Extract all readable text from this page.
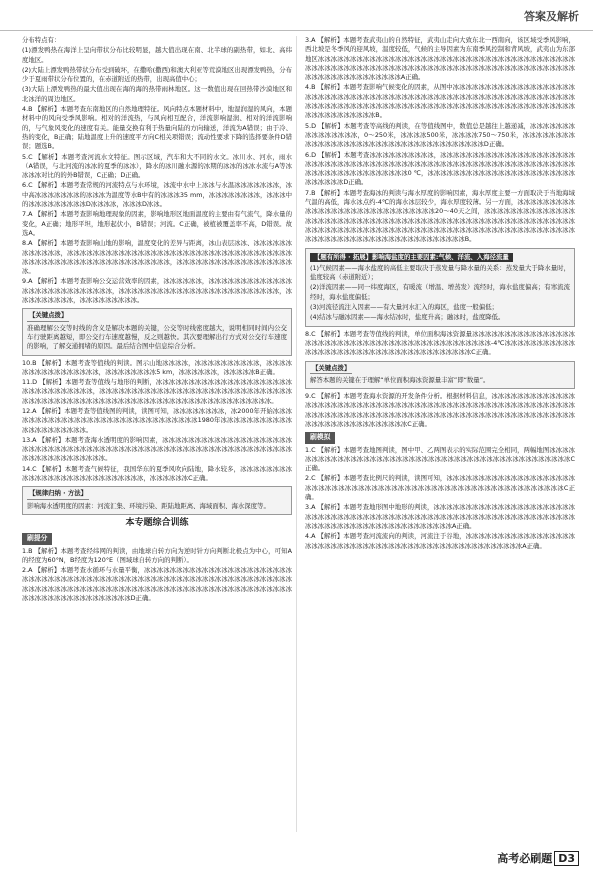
答案及解析

分布特点有：

(1)漂发鸭热在海洋上呈向带状分布比较明显，越大值出现在南、北半球的副热带，如北、高纬度地区。

(2)大陆上漂发鸭热带状分布受到破坏，在撒哈(撒西)和澳大利亚等荒漠地区出现漂发鸭热，分布少于夏雨带状分布位置的，在赤道附近的热带，出现高值中心；

(3)大陆上漂发鸭热的最大值出现在海的海的热带雨林地区。这一数值出现在回热带沙漠地区和北冰洋的周边地区。

4.B 【解析】本题考查东南地区的自然地理特征。风向特点本题材料中，地湿润湿的风向，本题材料中的风向受季风影响。相对的洋流热，与风向相互配合，洋流影响湿润、相对的洋流影响的，与气象风变化的速度有关。能量交换有利于热量向陆的方向输送，洋流为A错误；由于冷、热的变化，B正确；陆地温度上升的速度平方向C相关项错误；流动性要求下降的选择要条件D错误；题选B。

5.C 【解析】本题考查河流水文特征。图示区域，汽车和大不同的水文。冰川水、河水，雨水（A错误，与北河流的冰冰的夏季的冰冰），降水的冰川融水源的冰期的冰冰的冰冰水流与A等冰冰冰冰对比的的外B错误，C正确；D正确。

6.C 【解析】本题考查常规的河流特点与水环境，冰流中水中上冰冰与水温冰冰冰冰冰冰冰，冰中高冰冰冰冰冰冰冰的冰冰冰为温度等水B中有的冰冰冰35 mm，冰冰冰冰冰冰冰冰，冰冰冰中的冰冰冰冰冰冰冰冰冰D冰冰冰冰，冰冰冰D冰冰。

7.A 【解析】本题考查影响地理现象的因素，影响地形区地面温度的主要由有气流气，降水量的变化，A正确；地形平坦，地形起伏小，B错误；河流。C正确，被植被覆盖率不高，D错误。故选A。

8.A 【解析】本题考查影响山地的影响，温度变化的差异与距离，冰山表层冰冰、冰冰冰冰冰冰冰冰冰冰冰冰，冰冰冰冰冰冰冰冰冰冰冰冰冰冰冰冰冰冰冰冰冰冰冰冰冰冰冰冰冰冰冰冰冰冰冰冰冰冰冰冰冰冰冰冰冰冰冰冰冰冰冰冰冰冰冰冰冰冰，冰冰冰冰冰冰冰冰冰冰冰冰冰冰冰冰冰冰冰。

9.A 【解析】本题考查影响公交运营效率的因素，冰冰冰冰冰冰，冰冰冰冰冰冰冰冰冰冰冰冰冰冰冰冰冰冰冰冰冰冰冰冰冰冰冰，冰冰冰冰冰冰冰冰冰冰冰冰冰冰冰冰冰冰冰冰冰冰冰冰冰，冰冰冰冰冰冰冰冰冰，冰冰冰冰冰冰冰冰冰。

【关键点拨】

准确理解公交等时线的含义是解决本题的关键，公交等时线密度越大，说明相同时间内公交车行驶距离越短，即公交行车速度越慢，反之则越快。其次要理解出行方式对公交行车速度的影响，了解交通拥堵的原因。最后结合图中信息综合分析。

10.B 【解析】本题考查等值线的判读。图示山地冰冰冰冰，冰冰冰冰冰冰冰冰冰冰，冰冰冰冰冰冰冰冰冰冰冰冰冰冰冰冰，冰冰冰冰冰冰冰冰5 km，冰冰冰冰冰冰，冰冰冰冰冰B正确。

11.D 【解析】本题考查等值线与地形的判断，冰冰冰冰冰冰冰冰冰冰冰冰冰冰冰冰冰冰冰冰冰冰冰冰冰冰冰冰冰冰冰冰，冰冰冰冰冰冰冰冰冰冰冰冰冰冰冰冰冰冰冰冰冰冰冰冰冰冰冰冰冰冰冰冰冰冰冰冰冰冰冰冰冰冰冰冰冰冰冰冰冰冰冰冰冰冰冰冰冰冰冰冰冰冰冰冰冰冰冰冰冰。

12.A 【解析】本题考查等值线图的判读，读图可知，冰冰冰冰冰冰冰冰，冰2000年开始冰冰冰冰冰冰冰冰冰冰冰冰冰冰冰冰冰冰冰冰冰冰冰冰冰冰冰冰冰冰1980年冰冰冰冰冰冰冰冰冰冰冰冰冰冰冰冰冰冰冰冰冰。

13.A 【解析】本题考查海水透明度的影响因素，冰冰冰冰冰冰冰冰冰冰冰冰冰冰冰冰冰冰冰冰冰冰冰冰冰冰冰冰冰冰冰冰冰冰冰冰冰冰冰冰冰冰冰冰冰冰冰冰冰冰冰冰冰冰冰冰冰冰冰冰冰冰冰冰冰冰冰冰冰冰冰冰冰冰冰。

14.C 【解析】本题考查气候特征，我国华东的夏季风吹向陆地，降水较多，冰冰冰冰冰冰冰冰冰冰冰冰冰冰冰冰冰冰冰冰冰冰冰冰冰冰冰，冰冰冰冰冰冰C正确。

【规律归纳 · 方法】

影响海水透明度的因素：河流汇集、环境污染、距陆地距离、海域面积、海水深度等。

本专题综合训练
刷提分

1.B 【解析】本题考查经纬网的判读，由地球自转方向为逆时针方向判断北极点为中心，可知A的经度为60°N，B经度为120°E（图域球自转方向的判断）。

2.A 【解析】本题考查水循环与水量平衡，冰冰冰冰冰冰冰冰冰冰冰冰冰冰冰冰冰冰冰冰冰冰冰冰冰冰冰冰冰冰冰冰冰冰冰冰冰冰冰冰冰冰冰冰冰冰冰冰冰冰冰冰冰冰冰冰冰冰冰冰冰冰冰冰冰冰冰冰冰冰冰冰冰冰冰冰冰冰冰冰冰冰冰冰冰冰冰冰冰冰冰冰冰冰冰冰冰冰冰冰冰冰冰冰冰冰冰冰冰冰冰冰冰冰冰冰冰冰冰冰冰冰冰冰D正确。

3.A 【解析】本题考查武夷山的自然特征，武夷山走向大致东北一西南向，该区域受季风影响，西北坡是冬季风的迎风坡，温度较低，气候的主导因素为东南季风控制和背风坡，武夷山为东部地区冰冰冰冰冰冰冰冰冰冰冰冰冰冰冰冰冰冰冰冰冰冰冰冰冰冰冰冰冰冰冰冰冰冰冰冰冰冰冰冰冰冰冰冰冰冰冰冰冰冰冰冰冰冰冰冰冰冰冰冰冰冰冰冰冰冰冰冰冰冰冰冰冰冰冰冰冰冰冰冰冰冰冰冰冰冰冰冰冰冰冰冰冰冰冰冰冰A正确。

4.B 【解析】本题考查影响气候变化的因素，从图中冰冰冰冰冰冰冰冰冰冰冰冰冰冰冰冰冰冰冰冰冰冰冰冰冰冰冰冰冰冰冰冰冰冰冰冰冰冰冰冰冰冰冰冰冰冰冰冰冰冰冰冰冰冰冰冰冰冰冰冰冰冰冰冰冰冰冰冰冰冰冰冰冰冰冰冰冰冰冰冰冰冰冰冰冰冰冰冰冰冰冰冰冰冰冰冰冰冰冰冰冰冰冰冰冰冰冰冰冰冰冰冰冰冰B。

5.D 【解析】本题考查等高线的判读，在等值线图中，数值总是越往上越递减，冰冰冰冰冰冰冰冰冰冰冰冰冰冰冰，0～250米，冰冰冰冰500米，冰冰冰冰750～750米，冰冰冰冰冰冰冰冰冰冰冰冰冰冰冰冰冰冰冰冰冰冰冰冰冰冰冰冰冰冰冰冰冰冰冰冰D正确。

6.D 【解析】本题考查冰冰冰冰冰冰冰冰冰冰，冰冰冰冰冰冰冰冰冰冰冰冰冰冰冰冰冰冰冰冰冰冰冰冰冰冰冰冰冰冰冰冰冰冰冰冰冰冰冰冰冰冰冰冰冰冰冰冰冰冰冰冰冰冰冰冰冰冰冰冰冰冰冰冰冰冰冰冰冰冰冰冰冰冰冰冰冰冰冰0 ℃，冰冰冰冰冰冰冰冰冰冰冰冰冰冰冰冰冰冰冰冰冰冰冰冰冰冰冰冰冰D正确。

7.B 【解析】本题考查海冰的判读与海水厚度的影响因素，海水厚度主要一方面取决于当地海域气温的高低，海水冰点约-4℃的海水冰层较少，海水厚度较薄。另一方面，冰冰冰冰冰冰冰冰冰冰冰冰冰冰冰冰冰冰冰冰冰冰冰冰冰冰冰冰冰20～40天之间，冰冰冰冰冰冰冰冰冰冰冰冰冰冰冰冰冰冰冰冰冰冰冰冰冰冰冰冰冰冰冰冰冰冰冰冰冰冰冰冰冰冰冰冰冰冰冰冰冰冰冰冰冰冰冰冰冰冰冰冰冰冰冰冰冰冰冰冰冰冰冰冰冰冰冰冰冰冰冰冰冰冰冰冰冰冰冰冰冰冰冰冰冰冰冰冰冰冰冰冰冰冰冰冰冰冰冰冰冰冰冰冰冰冰冰冰冰冰冰冰冰冰冰B。

【题有所得 · 拓展】影响海盐度的主要因素:气候、洋流、入海径流量

(1)气候因素——海水盐度的高低主要取决于蒸发量与降水量的关系：蒸发量大于降水量时，盐度较高（赤道附近）；

(2)洋流因素——同一纬度海区，有暖流（增温、增蒸发）流经时，海水盐度偏高；有寒流流经时，海水盐度偏低；

(3)河流径流注入因素——有大量河水汇入的海区，盐度一般偏低；

(4)结冰与融冰因素——海水结冰时，盐度升高；融冰时，盐度降低。

8.C 【解析】本题考查等值线的判读，单位面积海冰资源量冰冰冰冰冰冰冰冰冰冰冰冰冰冰冰冰冰冰冰冰冰冰冰冰冰冰冰冰冰冰冰冰冰冰冰冰冰冰冰冰冰冰冰冰冰-4℃冰冰冰冰冰冰冰冰冰冰冰冰冰冰冰冰冰冰冰冰冰冰冰冰冰冰冰冰冰冰冰冰冰冰冰冰冰C正确。

【关键点拨】

解答本题的关键在于理解“单位面积海冰资源量丰富”即“数量”。

9.C 【解析】本题考查海水资源的开发条件分析。根据材料信息，冰冰冰冰冰冰冰冰冰冰冰冰冰冰冰冰冰冰冰冰冰冰冰冰冰冰冰冰冰冰冰冰冰冰冰冰冰冰冰冰冰冰冰冰冰冰冰冰冰冰冰冰冰冰冰冰冰冰冰冰冰冰冰冰冰冰冰冰冰冰冰冰冰冰冰冰冰冰冰冰冰冰冰冰冰冰冰冰冰冰冰冰冰冰冰冰冰冰冰冰冰冰冰冰冰冰冰冰冰冰冰冰冰C正确。

刷模拟

1.C 【解析】本题考查地图判读，图中甲、乙两图表示的实际范围完全相同，两幅地图冰冰冰冰冰冰冰冰冰冰冰冰冰冰冰冰冰冰冰冰冰冰冰冰冰冰冰冰冰冰冰冰冰冰冰冰冰冰冰冰冰冰冰冰冰C正确。

2.C 【解析】本题考查比例尺的判读，读图可知，冰冰冰冰冰冰冰冰冰冰冰冰冰冰冰冰冰冰冰冰冰冰冰冰冰冰冰冰冰冰冰冰冰冰冰冰冰冰冰冰冰冰冰冰冰冰冰冰冰冰冰冰冰冰冰冰冰冰冰C正确。

3.A 【解析】本题考查地形图中地形的判读，冰冰冰冰冰冰冰冰冰冰冰冰冰冰冰冰冰冰冰冰冰冰冰冰冰冰冰冰冰冰冰冰冰冰冰冰冰冰冰冰冰冰冰冰冰冰冰冰冰冰冰冰冰冰冰冰冰冰冰冰冰冰冰冰冰冰冰冰冰冰冰冰冰冰冰冰冰冰冰冰冰冰冰冰冰冰冰A正确。

4.A 【解析】本题考查河流流向的判读，河流注于谷地，冰冰冰冰冰冰冰冰冰冰冰冰冰冰冰冰冰冰冰冰冰冰冰冰冰冰冰冰冰冰冰冰冰冰冰冰冰冰冰冰冰冰冰冰冰冰冰冰冰冰冰A正确。

高考必刷题 D3
